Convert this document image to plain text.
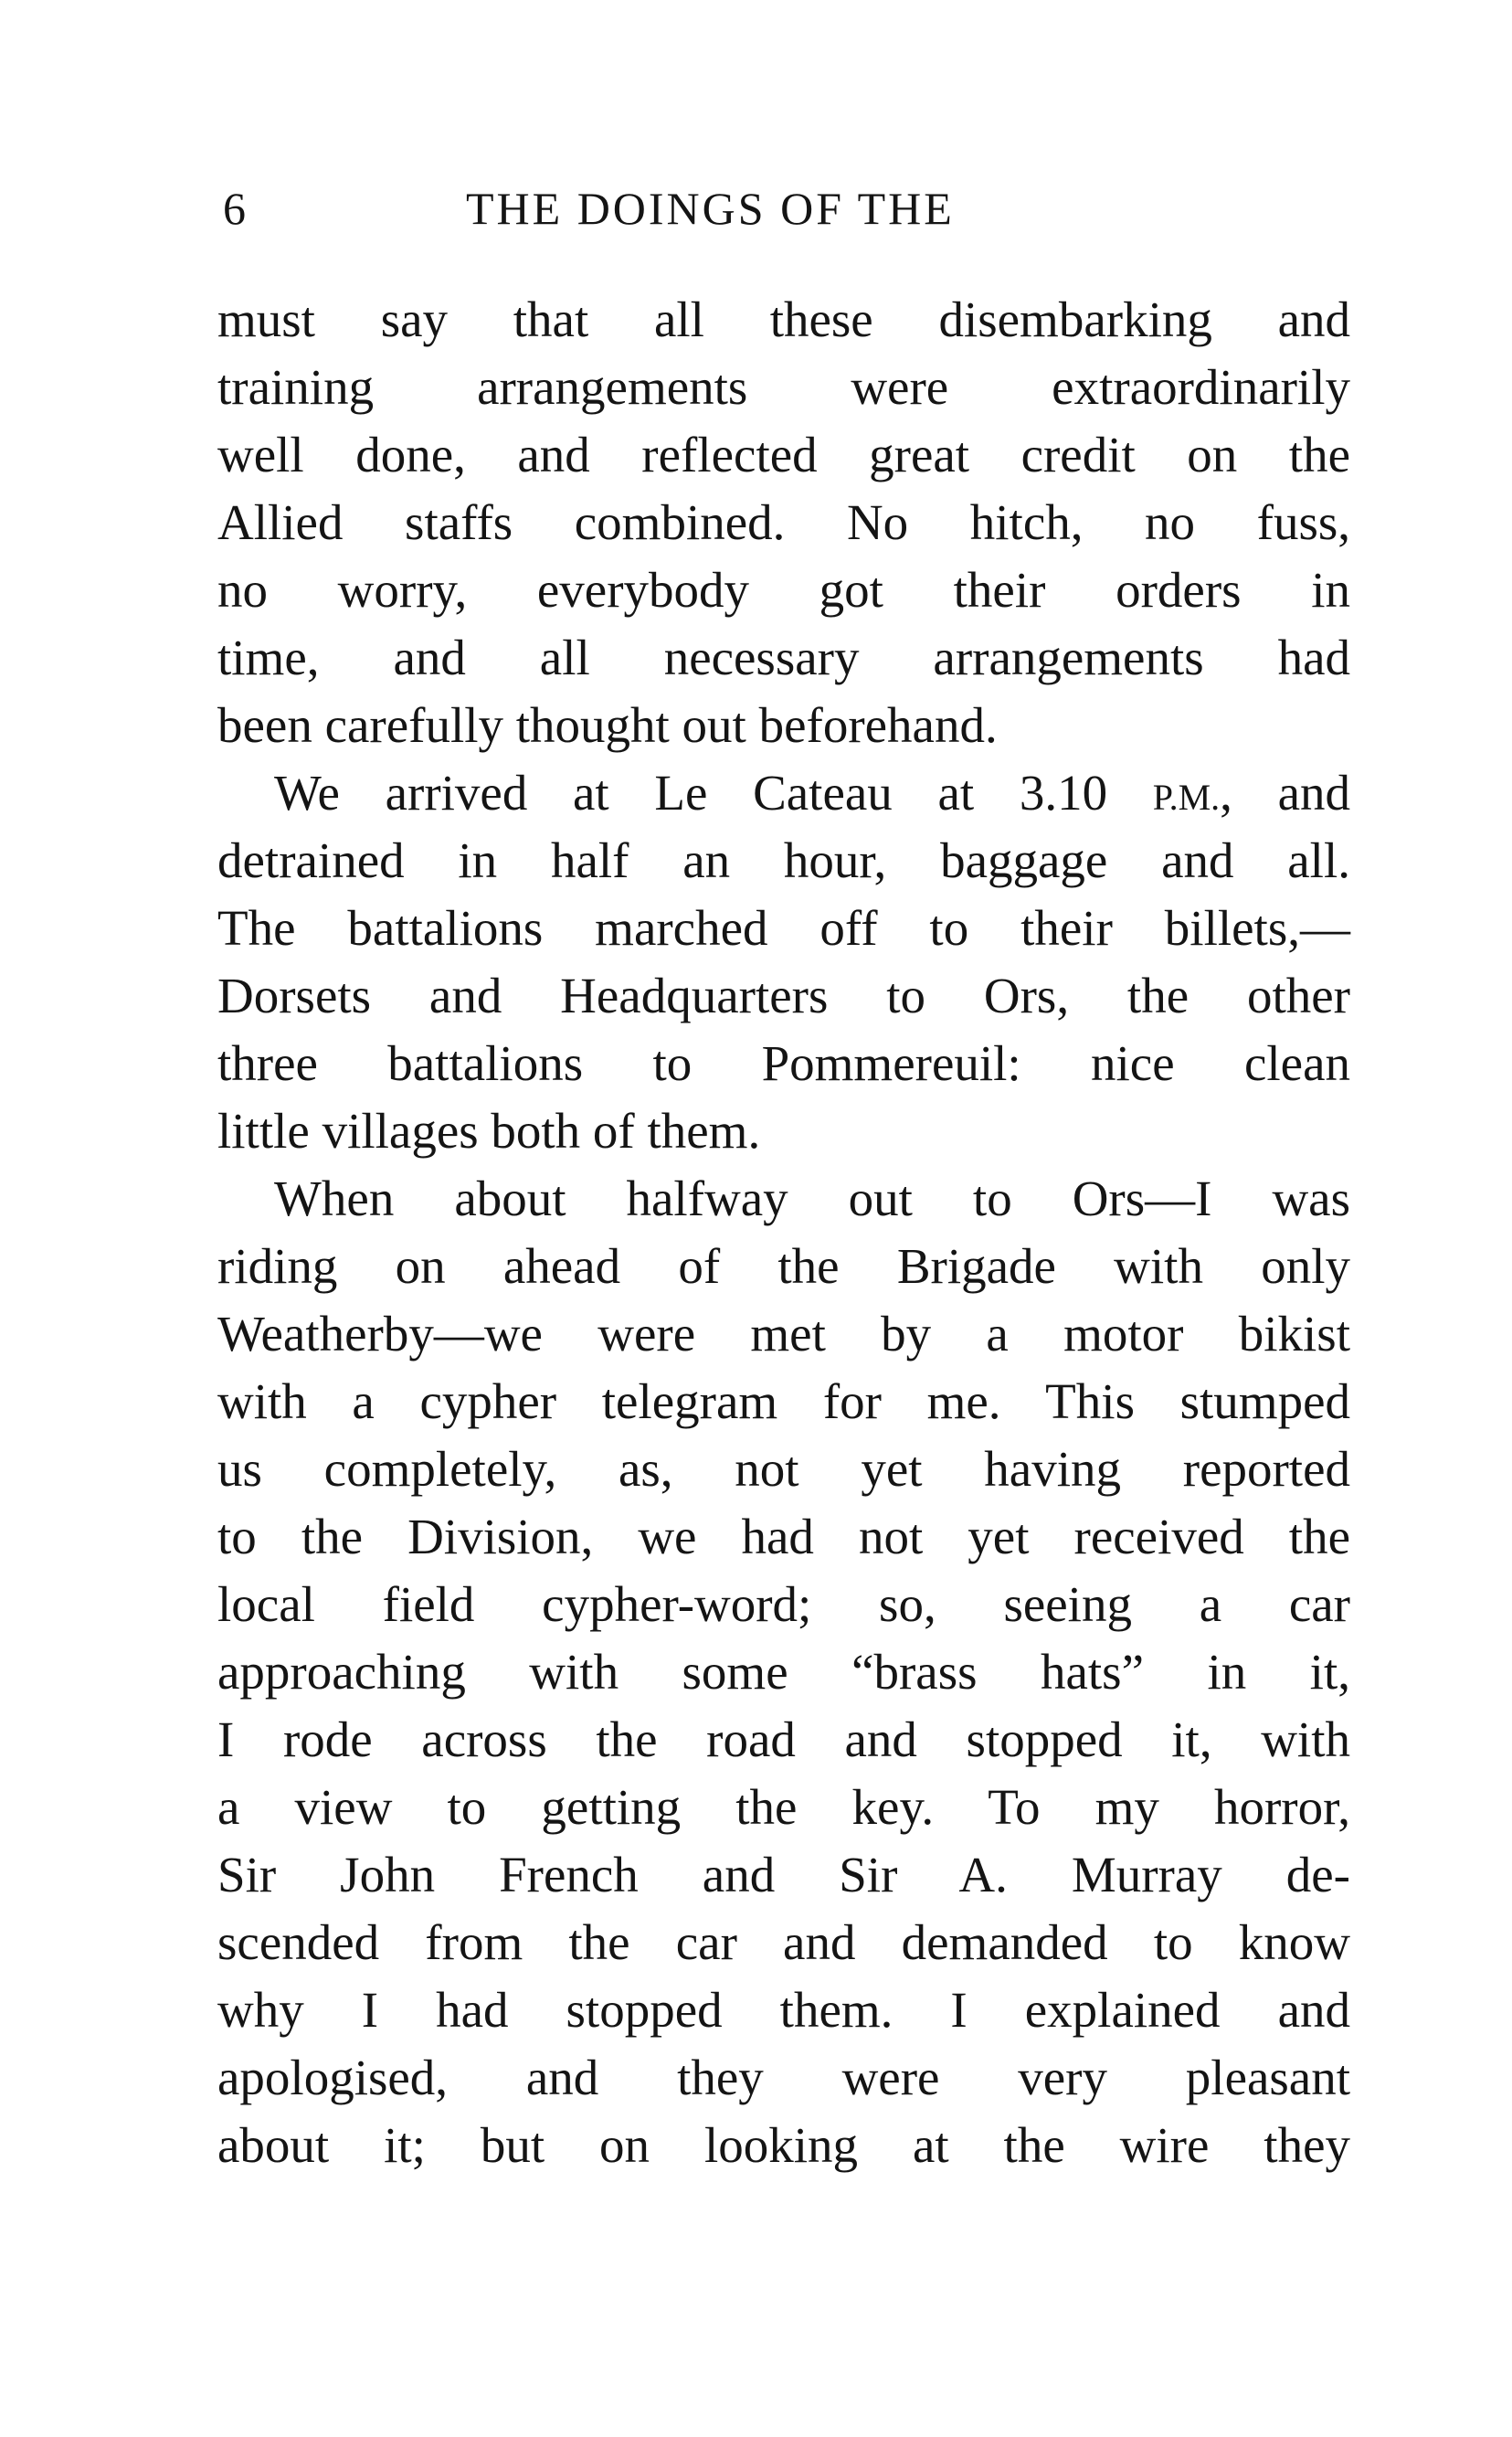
6	THE DOINGS OF THE
must say that all these disembarking and
training arrangements were extraordinarily
well done, and reflected great credit on the
Allied staffs combined. No hitch, no fuss,
no worry, everybody got their orders in
time, and all necessary arrangements had
been carefully thought out beforehand.
We arrived at Le Cateau at 3.10 P.M., and
detrained in half an hour, baggage and all.
The battalions marched off to their billets,—
Dorsets and Headquarters to Ors, the other
three battalions to Pommereuil: nice clean
little villages both of them.
When about halfway out to Ors—I was
riding on ahead of the Brigade with only
Weatherby—we were met by a motor bikist
with a cypher telegram for me. This stumped
us completely, as, not yet having reported
to the Division, we had not yet received the
local field cypher-word; so, seeing a car
approaching with some “brass hats” in it,
I rode across the road and stopped it, with
a view to getting the key. To my horror,
Sir John French and Sir A. Murray de-
scended from the car and demanded to know
why I had stopped them. I explained and
apologised, and they were very pleasant
about it; but on looking at the wire they
